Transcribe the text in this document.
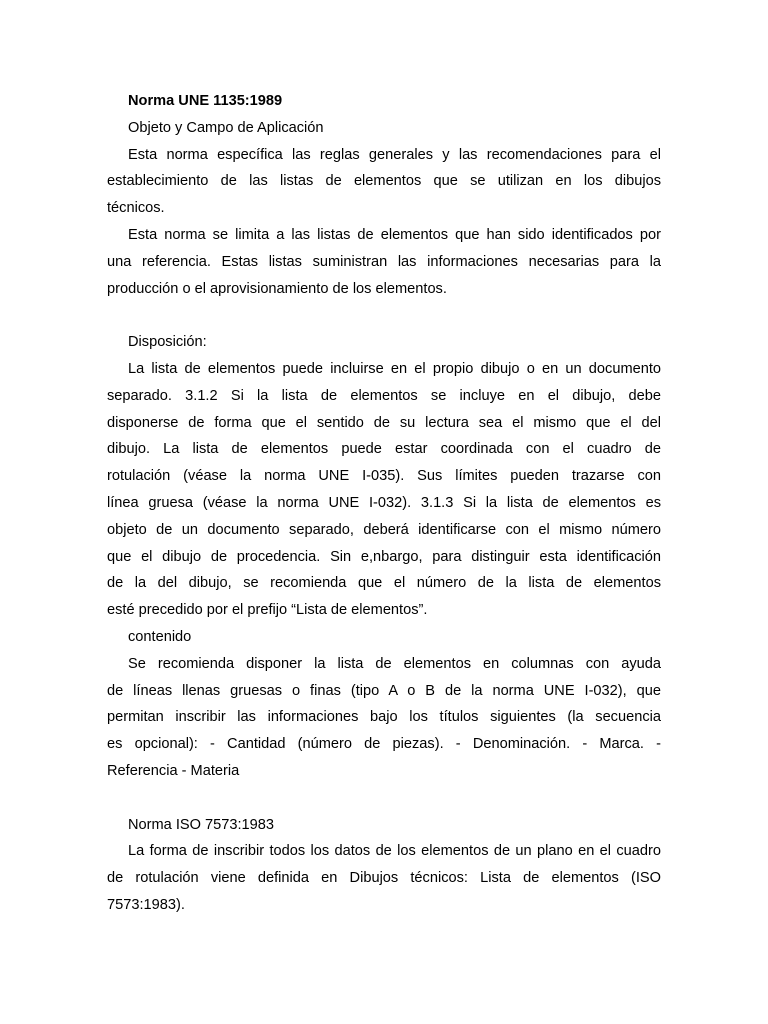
Norma UNE 1135:1989
Objeto y Campo de Aplicación
Esta norma específica las reglas generales y las recomendaciones para el
establecimiento de las listas de elementos que se utilizan en los dibujos
técnicos.
Esta norma se limita a las listas de elementos que han sido identificados por
una referencia. Estas listas suministran las informaciones necesarias para la
producción o el aprovisionamiento de los elementos.
Disposición:
La lista de elementos puede incluirse en el propio dibujo o en un documento
separado. 3.1.2 Si la lista de elementos se incluye en el dibujo, debe
disponerse de forma que el sentido de su lectura sea el mismo que el del
dibujo. La lista de elementos puede estar coordinada con el cuadro de
rotulación (véase la norma UNE I-035). Sus límites pueden trazarse con
línea gruesa (véase la norma UNE I-032). 3.1.3 Si la lista de elementos es
objeto de un documento separado, deberá identificarse con el mismo número
que el dibujo de procedencia. Sin e,nbargo, para distinguir esta identificación
de la del dibujo, se recomienda que el número de la lista de elementos
esté precedido por el prefijo “Lista de elementos”.
contenido
Se recomienda disponer la lista de elementos en columnas con ayuda
de líneas llenas gruesas o finas (tipo A o B de la norma UNE I-032), que
permitan inscribir las informaciones bajo los títulos siguientes (la secuencia
es opcional): - Cantidad (número de piezas). - Denominación. - Marca. -
Referencia - Materia
Norma ISO 7573:1983
La forma de inscribir todos los datos de los elementos de un plano en el cuadro
de rotulación viene definida en Dibujos técnicos: Lista de elementos (ISO
7573:1983).
